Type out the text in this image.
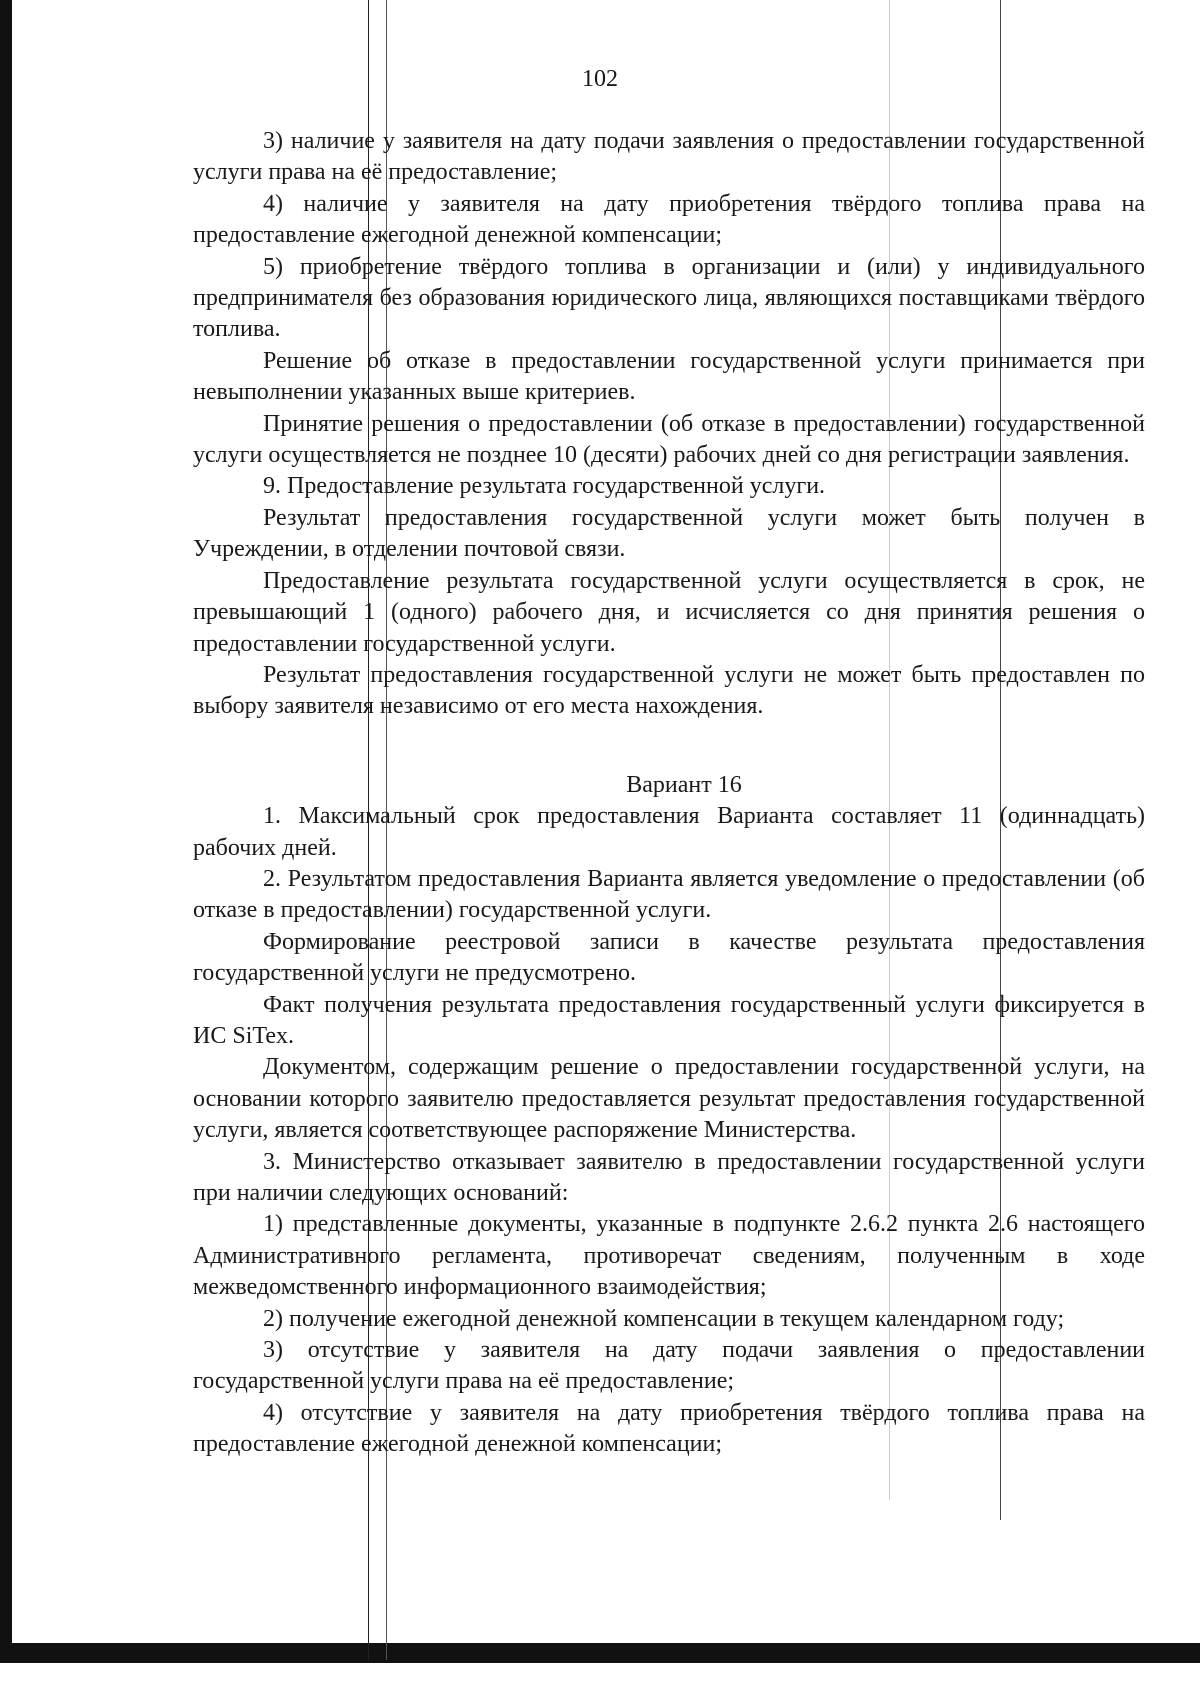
102

3) наличие у заявителя на дату подачи заявления о предоставлении государственной услуги права на её предоставление;

4) наличие у заявителя на дату приобретения твёрдого топлива права на предоставление ежегодной денежной компенсации;

5) приобретение твёрдого топлива в организации и (или) у индивидуального предпринимателя без образования юридического лица, являющихся поставщиками твёрдого топлива.

Решение об отказе в предоставлении государственной услуги принимается при невыполнении указанных выше критериев.

Принятие решения о предоставлении (об отказе в предоставлении) государственной услуги осуществляется не позднее 10 (десяти) рабочих дней со дня регистрации заявления.

9. Предоставление результата государственной услуги.

Результат предоставления государственной услуги может быть получен в Учреждении, в отделении почтовой связи.

Предоставление результата государственной услуги осуществляется в срок, не превышающий 1 (одного) рабочего дня, и исчисляется со дня принятия решения о предоставлении государственной услуги.

Результат предоставления государственной услуги не может быть предоставлен по выбору заявителя независимо от его места нахождения.

Вариант 16

1. Максимальный срок предоставления Варианта составляет 11 (одиннадцать) рабочих дней.

2. Результатом предоставления Варианта является уведомление о предоставлении (об отказе в предоставлении) государственной услуги.

Формирование реестровой записи в качестве результата предоставления государственной услуги не предусмотрено.

Факт получения результата предоставления государственный услуги фиксируется в ИС SiTex.

Документом, содержащим решение о предоставлении государственной услуги, на основании которого заявителю предоставляется результат предоставления государственной услуги, является соответствующее распоряжение Министерства.

3. Министерство отказывает заявителю в предоставлении государственной услуги при наличии следующих оснований:

1) представленные документы, указанные в подпункте 2.6.2 пункта 2.6 настоящего Административного регламента, противоречат сведениям, полученным в ходе межведомственного информационного взаимодействия;

2) получение ежегодной денежной компенсации в текущем календарном году;

3) отсутствие у заявителя на дату подачи заявления о предоставлении государственной услуги права на её предоставление;

4) отсутствие у заявителя на дату приобретения твёрдого топлива права на предоставление ежегодной денежной компенсации;
